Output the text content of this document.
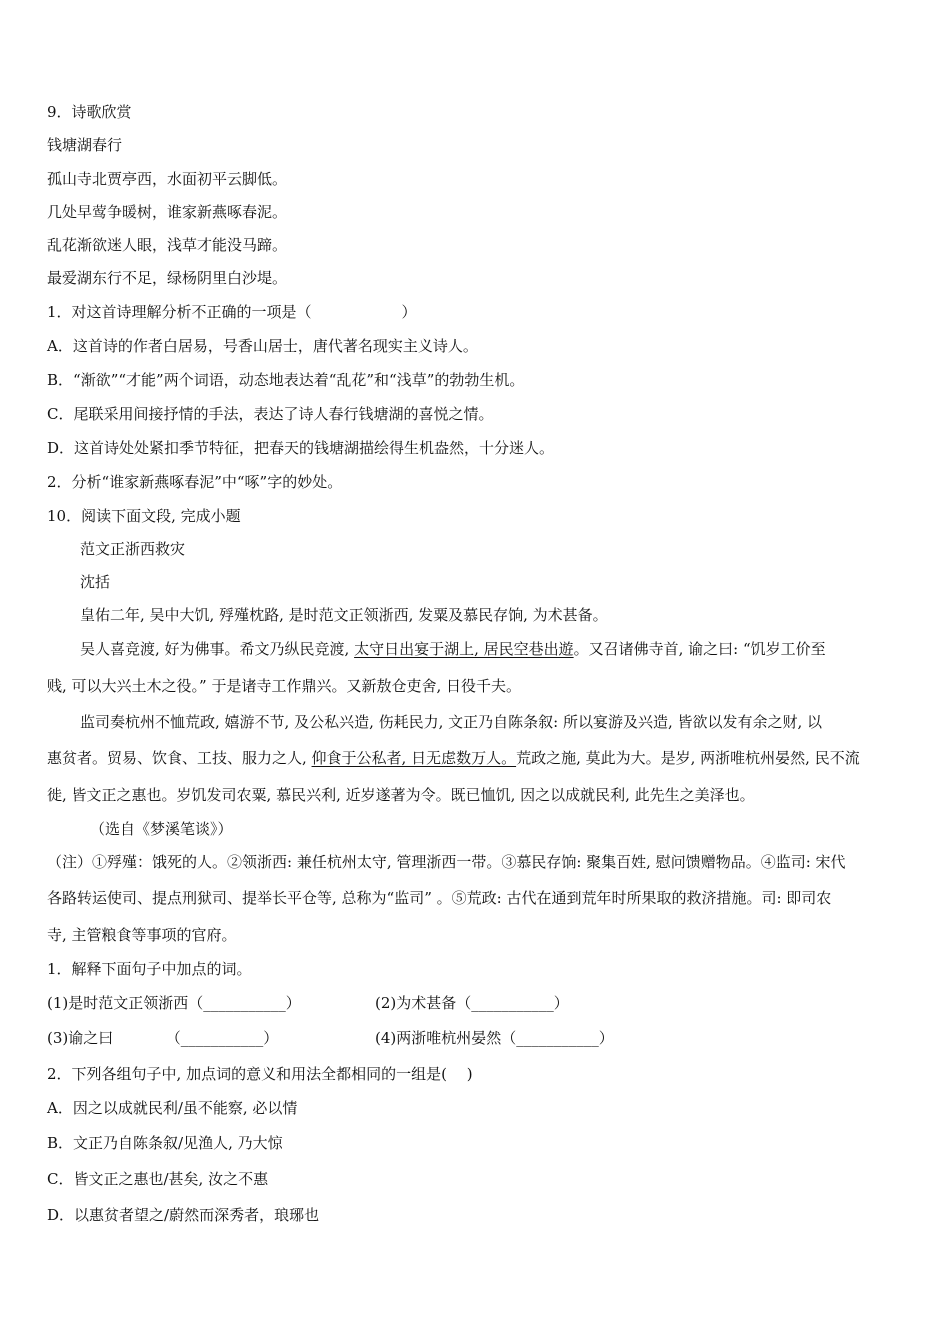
9．诗歌欣赏
钱塘湖春行
孤山寺北贾亭西，水面初平云脚低。
几处早莺争暖树，谁家新燕啄春泥。
乱花渐欲迷人眼，浅草才能没马蹄。
最爱湖东行不足，绿杨阴里白沙堤。
1．对这首诗理解分析不正确的一项是（　　　　　　）
A．这首诗的作者白居易，号香山居士，唐代著名现实主义诗人。
B．“渐欲”“才能”两个词语，动态地表达着“乱花”和“浅草”的勃勃生机。
C．尾联采用间接抒情的手法，表达了诗人春行钱塘湖的喜悦之情。
D．这首诗处处紧扣季节特征，把春天的钱塘湖描绘得生机盎然，十分迷人。
2．分析“谁家新燕啄春泥”中“啄”字的妙处。
10．阅读下面文段, 完成小题
范文正浙西救灾
沈括
皇佑二年, 吴中大饥, 殍殣枕路, 是时范文正领浙西, 发粟及慕民存饷, 为术甚备。
吴人喜竞渡, 好为佛事。希文乃纵民竞渡, 太守日出宴于湖上, 居民空巷出遊。又召诸佛寺首, 谕之曰: “饥岁工价至
贱, 可以大兴土木之役。” 于是诸寺工作鼎兴。又新敖仓吏舍, 日役千夫。
监司奏杭州不恤荒政, 嬉游不节, 及公私兴造, 伤耗民力, 文正乃自陈条叙: 所以宴游及兴造, 皆欲以发有余之财, 以
惠贫者。贸易、饮食、工技、服力之人, 仰食于公私者, 日无虑数万人。荒政之施, 莫此为大。是岁, 两浙唯杭州晏然, 民不流
徙, 皆文正之惠也。岁饥发司农粟, 慕民兴利, 近岁遂著为令。既已恤饥, 因之以成就民利, 此先生之美泽也。
（选自《梦溪笔谈》）
（注）①殍殣：饿死的人。②领浙西: 兼任杭州太守, 管理浙西一带。③慕民存饷: 聚集百姓, 慰问馈赠物品。④监司: 宋代
各路转运使司、提点刑狱司、提举长平仓等, 总称为“监司” 。⑤荒政: 古代在通到荒年时所果取的救济措施。司: 即司农
寺, 主管粮食等事项的官府。
1．解释下面句子中加点的词。
(1)是时范文正领浙西（___________）	(2)为术甚备（___________）
(3)谕之曰　　　　（___________）	(4)两浙唯杭州晏然（___________）
2．下列各组句子中, 加点词的意义和用法全都相同的一组是(　 )
A．因之以成就民利/虽不能察, 必以情
B．文正乃自陈条叙/见渔人, 乃大惊
C．皆文正之惠也/甚矣, 汝之不惠
D．以惠贫者望之/蔚然而深秀者，琅琊也
